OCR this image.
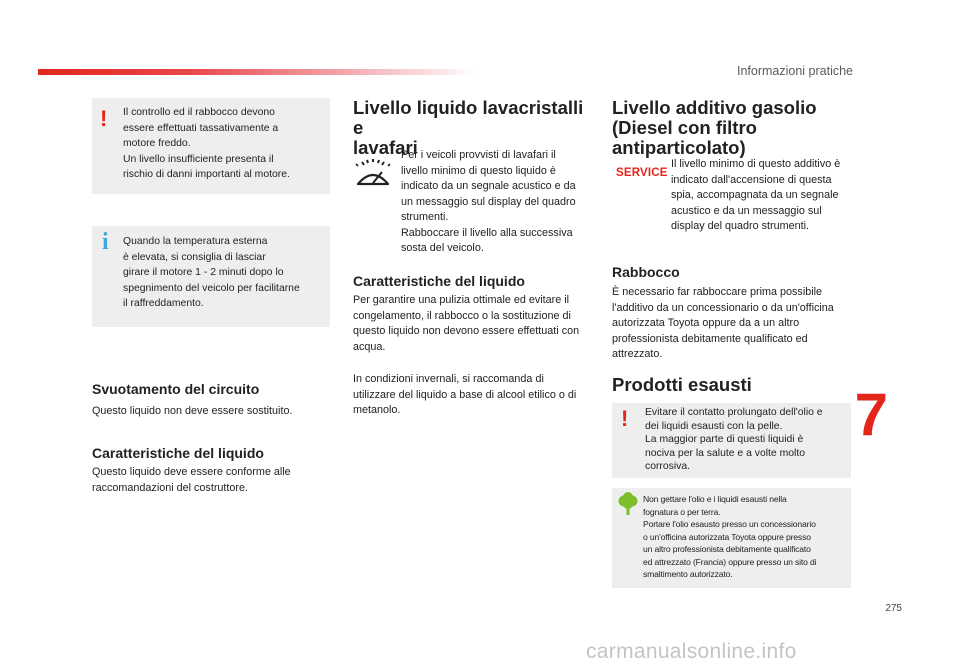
Informazioni pratiche
! Il controllo ed il rabbocco devono
essere effettuati tassativamente a
motore freddo.
Un livello insufficiente presenta il
rischio di danni importanti al motore.
i Quando la temperatura esterna
è elevata, si consiglia di lasciar
girare il motore 1 - 2 minuti dopo lo
spegnimento del veicolo per facilitarne
il raffreddamento.
Svuotamento del circuito
Questo liquido non deve essere sostituito.
Caratteristiche del liquido
Questo liquido deve essere conforme alle
raccomandazioni del costruttore.
Livello liquido lavacristalli e
lavafari
Per i veicoli provvisti di lavafari il
livello minimo di questo liquido è
indicato da un segnale acustico e da
un messaggio sul display del quadro
strumenti.
Rabboccare il livello alla successiva
sosta del veicolo.
Caratteristiche del liquido
Per garantire una pulizia ottimale ed evitare il
congelamento, il rabbocco o la sostituzione di
questo liquido non devono essere effettuati con
acqua.
In condizioni invernali, si raccomanda di
utilizzare del liquido a base di alcool etilico o di
metanolo.
Livello additivo gasolio
(Diesel con filtro
antiparticolato)
SERVICE
Il livello minimo di questo additivo è
indicato dall'accensione di questa
spia, accompagnata da un segnale
acustico e da un messaggio sul
display del quadro strumenti.
Rabbocco
È necessario far rabboccare prima possibile
l'additivo da un concessionario o da un'officina
autorizzata Toyota oppure da a un altro
professionista debitamente qualificato ed
attrezzato.
Prodotti esausti
! Evitare il contatto prolungato dell'olio e
dei liquidi esausti con la pelle.
La maggior parte di questi liquidi è
nociva per la salute e a volte molto
corrosiva.
Non gettare l'olio e i liquidi esausti nella
fognatura o per terra.
Portare l'olio esausto presso un concessionario
o un'officina autorizzata Toyota oppure presso
un altro professionista debitamente qualificato
ed attrezzato (Francia) oppure presso un sito di
smaltimento autorizzato.
7
275
carmanualsonline.info
